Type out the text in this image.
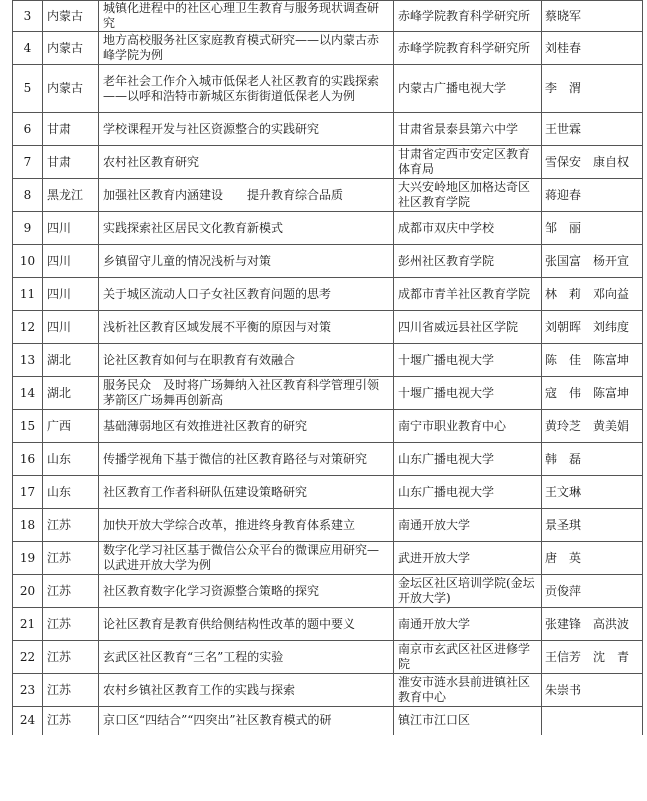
3	内蒙古	城镇化进程中的社区心理卫生教育与服务现状调查研究	赤峰学院教育科学研究所	蔡晓军
4	内蒙古	地方高校服务社区家庭教育模式研究——以内蒙古赤峰学院为例	赤峰学院教育科学研究所	刘桂春
5	内蒙古	老年社会工作介入城市低保老人社区教育的实践探索——以呼和浩特市新城区东街街道低保老人为例	内蒙古广播电视大学	李　渭
6	甘肃	学校课程开发与社区资源整合的实践研究	甘肃省景泰县第六中学	王世霖
7	甘肃	农村社区教育研究	甘肃省定西市安定区教育体育局	雪保安　康自权
8	黑龙江	加强社区教育内涵建设　　提升教育综合品质	大兴安岭地区加格达奇区社区教育学院	蒋迎春
9	四川	实践探索社区居民文化教育新模式	成都市双庆中学校	邹　丽
10	四川	乡镇留守儿童的情况浅析与对策	彭州社区教育学院	张国富　杨开宣
11	四川	关于城区流动人口子女社区教育问题的思考	成都市青羊社区教育学院	林　莉　邓向益
12	四川	浅析社区教育区域发展不平衡的原因与对策	四川省威远县社区学院	刘朝晖　刘纬度
13	湖北	论社区教育如何与在职教育有效融合	十堰广播电视大学	陈　佳　陈富坤
14	湖北	服务民众　及时将广场舞纳入社区教育科学管理引领茅箭区广场舞再创新高	十堰广播电视大学	寇　伟　陈富坤
15	广西	基础薄弱地区有效推进社区教育的研究	南宁市职业教育中心	黄玲芝　黄美娟
16	山东	传播学视角下基于微信的社区教育路径与对策研究	山东广播电视大学	韩　磊
17	山东	社区教育工作者科研队伍建设策略研究	山东广播电视大学	王文琳
18	江苏	加快开放大学综合改革，推进终身教育体系建立	南通开放大学	景圣琪
19	江苏	数字化学习社区基于微信公众平台的微课应用研究—以武进开放大学为例	武进开放大学	唐　英
20	江苏	社区教育数字化学习资源整合策略的探究	金坛区社区培训学院(金坛开放大学)	贡俊萍
21	江苏	论社区教育是教育供给侧结构性改革的题中要义	南通开放大学	张建锋　高洪波
22	江苏	玄武区社区教育“三名”工程的实验	南京市玄武区社区进修学院	王信芳　沈　青
23	江苏	农村乡镇社区教育工作的实践与探索	淮安市涟水县前进镇社区教育中心	朱崇书
24	江苏	京口区“四结合”“四突出”社区教育模式的研	镇江市江口区	
